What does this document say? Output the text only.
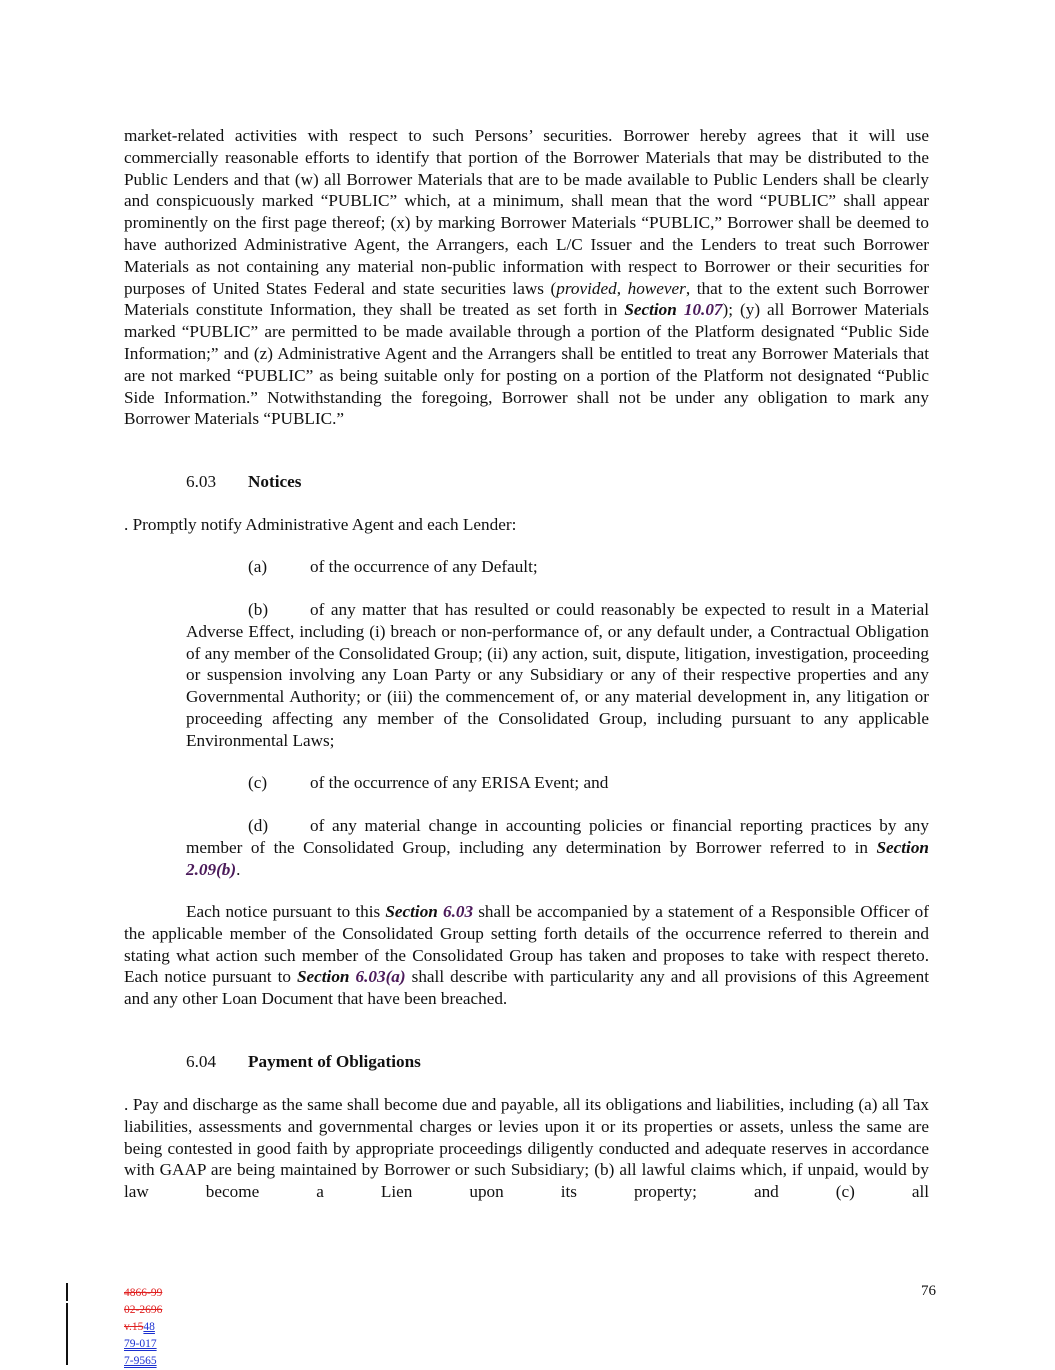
market-related activities with respect to such Persons’ securities. Borrower hereby agrees that it will use commercially reasonable efforts to identify that portion of the Borrower Materials that may be distributed to the Public Lenders and that (w) all Borrower Materials that are to be made available to Public Lenders shall be clearly and conspicuously marked “PUBLIC” which, at a minimum, shall mean that the word “PUBLIC” shall appear prominently on the first page thereof; (x) by marking Borrower Materials “PUBLIC,” Borrower shall be deemed to have authorized Administrative Agent, the Arrangers, each L/C Issuer and the Lenders to treat such Borrower Materials as not containing any material non-public information with respect to Borrower or their securities for purposes of United States Federal and state securities laws (provided, however, that to the extent such Borrower Materials constitute Information, they shall be treated as set forth in Section 10.07); (y) all Borrower Materials marked “PUBLIC” are permitted to be made available through a portion of the Platform designated “Public Side Information;” and (z) Administrative Agent and the Arrangers shall be entitled to treat any Borrower Materials that are not marked “PUBLIC” as being suitable only for posting on a portion of the Platform not designated “Public Side Information.” Notwithstanding the foregoing, Borrower shall not be under any obligation to mark any Borrower Materials “PUBLIC.”

6.03 Notices
. Promptly notify Administrative Agent and each Lender:
(a) of the occurrence of any Default;

(b) of any matter that has resulted or could reasonably be expected to result in a Material Adverse Effect, including (i) breach or non-performance of, or any default under, a Contractual Obligation of any member of the Consolidated Group; (ii) any action, suit, dispute, litigation, investigation, proceeding or suspension involving any Loan Party or any Subsidiary or any of their respective properties and any Governmental Authority; or (iii) the commencement of, or any material development in, any litigation or proceeding affecting any member of the Consolidated Group, including pursuant to any applicable Environmental Laws;

(c) of the occurrence of any ERISA Event; and

(d) of any material change in accounting policies or financial reporting practices by any member of the Consolidated Group, including any determination by Borrower referred to in Section 2.09(b).

Each notice pursuant to this Section 6.03 shall be accompanied by a statement of a Responsible Officer of the applicable member of the Consolidated Group setting forth details of the occurrence referred to therein and stating what action such member of the Consolidated Group has taken and proposes to take with respect thereto. Each notice pursuant to Section 6.03(a) shall describe with particularity any and all provisions of this Agreement and any other Loan Document that have been breached.

6.04 Payment of Obligations

. Pay and discharge as the same shall become due and payable, all its obligations and liabilities, including (a) all Tax liabilities, assessments and governmental charges or levies upon it or its properties or assets, unless the same are being contested in good faith by appropriate proceedings diligently conducted and adequate reserves in accordance with GAAP are being maintained by Borrower or such Subsidiary; (b) all lawful claims which, if unpaid, would by law become a Lien upon its property; and (c) all

4866-99
02-2696
v.1548
79-017
7-9565
76
